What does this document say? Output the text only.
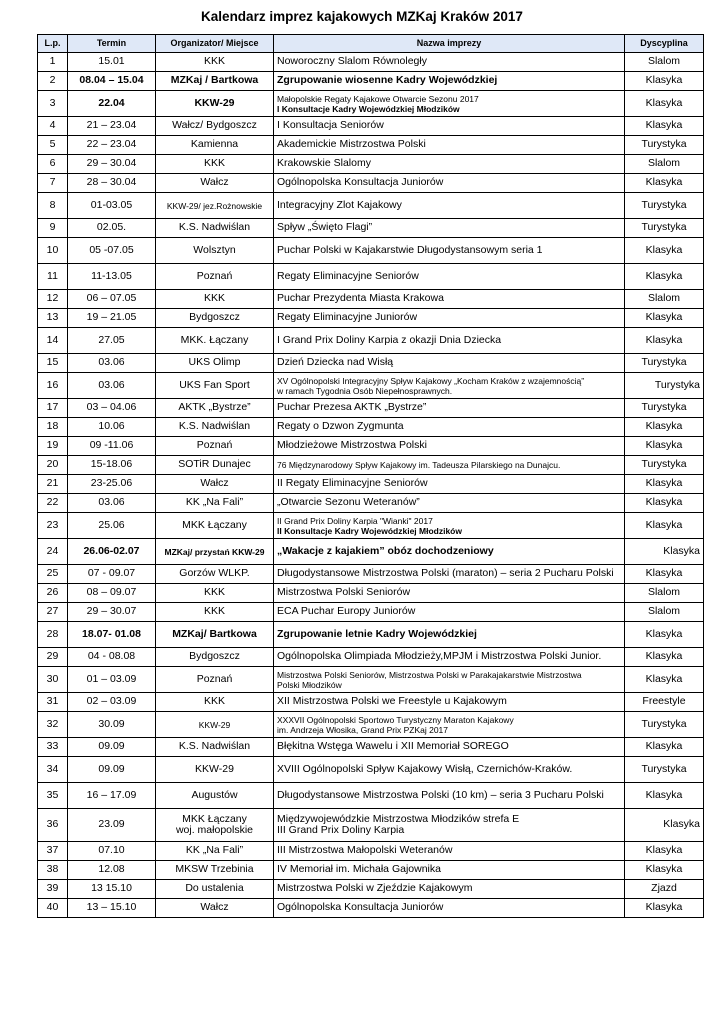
Kalendarz imprez kajakowych MZKaj Kraków 2017
L.p.	Termin	Organizator/ Miejsce	Nazwa imprezy	Dyscyplina

1	15.01	KKK	Noworoczny Slalom Równoległy	Slalom

2	08.04 – 15.04	MZKaj / Bartkowa	Zgrupowanie wiosenne Kadry Wojewódzkiej	Klasyka

3	22.04	KKW-29	Małopolskie Regaty Kajakowe Otwarcie Sezonu 2017
I Konsultacje Kadry Wojewódzkiej Młodzików	Klasyka

4	21 – 23.04	Wałcz/ Bydgoszcz	I Konsultacja Seniorów	Klasyka

5	22 – 23.04	Kamienna	Akademickie Mistrzostwa Polski	Turystyka

6	29 – 30.04	KKK	Krakowskie Slalomy	Slalom

7	28 – 30.04	Wałcz	Ogólnopolska Konsultacja Juniorów	Klasyka

8	01-03.05	KKW-29/ jez.Rożnowskie	Integracyjny Zlot Kajakowy	Turystyka

9	02.05.	K.S. Nadwiślan	Spływ „Święto Flagi”	Turystyka

10	05 -07.05	Wolsztyn	Puchar Polski w Kajakarstwie Długodystansowym seria 1	Klasyka

11	11-13.05	Poznań	Regaty Eliminacyjne Seniorów	Klasyka

12	06 – 07.05	KKK	Puchar Prezydenta Miasta Krakowa	Slalom

13	19 – 21.05	Bydgoszcz	Regaty Eliminacyjne Juniorów	Klasyka

14	27.05	MKK. Łączany	I Grand Prix Doliny Karpia z okazji Dnia Dziecka	Klasyka

15	03.06	UKS Olimp	Dzień Dziecka nad Wisłą	Turystyka

16	03.06	UKS Fan Sport	XV Ogólnopolski Integracyjny Spływ Kajakowy „Kocham Kraków z wzajemnością”
w ramach Tygodnia Osób Niepełnosprawnych.	Turystyka

17	03 – 04.06	AKTK „Bystrze”	Puchar Prezesa AKTK „Bystrze”	Turystyka

18	10.06	K.S. Nadwiślan	Regaty o Dzwon Zygmunta	Klasyka

19	09 -11.06	Poznań	Młodzieżowe Mistrzostwa Polski	Klasyka

20	15-18.06	SOTiR Dunajec	76 Międzynarodowy Spływ Kajakowy im. Tadeusza Pilarskiego na Dunajcu.	Turystyka

21	23-25.06	Wałcz	II Regaty Eliminacyjne Seniorów	Klasyka

22	03.06	KK „Na Fali”	„Otwarcie Sezonu Weteranów”	Klasyka

23	25.06	MKK Łączany	II Grand Prix Doliny Karpia "Wianki" 2017
II Konsultacje Kadry Wojewódzkiej Młodzików	Klasyka

24	26.06-02.07	MZKaj/ przystań KKW-29	„Wakacje z kajakiem” obóz dochodzeniowy	Klasyka

25	07 - 09.07	Gorzów WLKP.	Długodystansowe Mistrzostwa Polski (maraton) – seria 2 Pucharu Polski	Klasyka

26	08 – 09.07	KKK	Mistrzostwa Polski Seniorów	Slalom

27	29 – 30.07	KKK	ECA Puchar Europy Juniorów	Slalom

28	18.07- 01.08	MZKaj/ Bartkowa	Zgrupowanie letnie Kadry Wojewódzkiej	Klasyka

29	04 - 08.08	Bydgoszcz	Ogólnopolska Olimpiada Młodzieży,MPJM i Mistrzostwa Polski Junior.	Klasyka

30	01 – 03.09	Poznań	Mistrzostwa Polski Seniorów, Mistrzostwa Polski w Parakajakarstwie Mistrzostwa
Polski Młodzików	Klasyka

31	02 – 03.09	KKK	XII Mistrzostwa Polski we Freestyle u Kajakowym	Freestyle

32	30.09	KKW-29	XXXVII Ogólnopolski Sportowo Turystyczny Maraton Kajakowy
im. Andrzeja Włosika, Grand Prix PZKaj 2017	Turystyka

33	09.09	K.S. Nadwiślan	Błękitna Wstęga Wawelu i XII Memoriał SOREGO	Klasyka

34	09.09	KKW-29	XVIII Ogólnopolski Spływ Kajakowy Wisłą, Czernichów-Kraków.	Turystyka

35	16 – 17.09	Augustów	Długodystansowe Mistrzostwa Polski (10 km) – seria 3 Pucharu Polski	Klasyka

36	23.09	MKK Łączany
woj. małopolskie	Międzywojewódzkie Mistrzostwa Młodzików strefa E
III Grand Prix Doliny Karpia	Klasyka

37	07.10	KK „Na Fali”	III Mistrzostwa Małopolski Weteranów	Klasyka

38	12.08	MKSW Trzebinia	IV Memoriał im. Michała Gajownika	Klasyka

39	13 15.10	Do ustalenia	Mistrzostwa Polski w Zjeździe Kajakowym	Zjazd

40	13 – 15.10	Wałcz	Ogólnopolska Konsultacja Juniorów	Klasyka
